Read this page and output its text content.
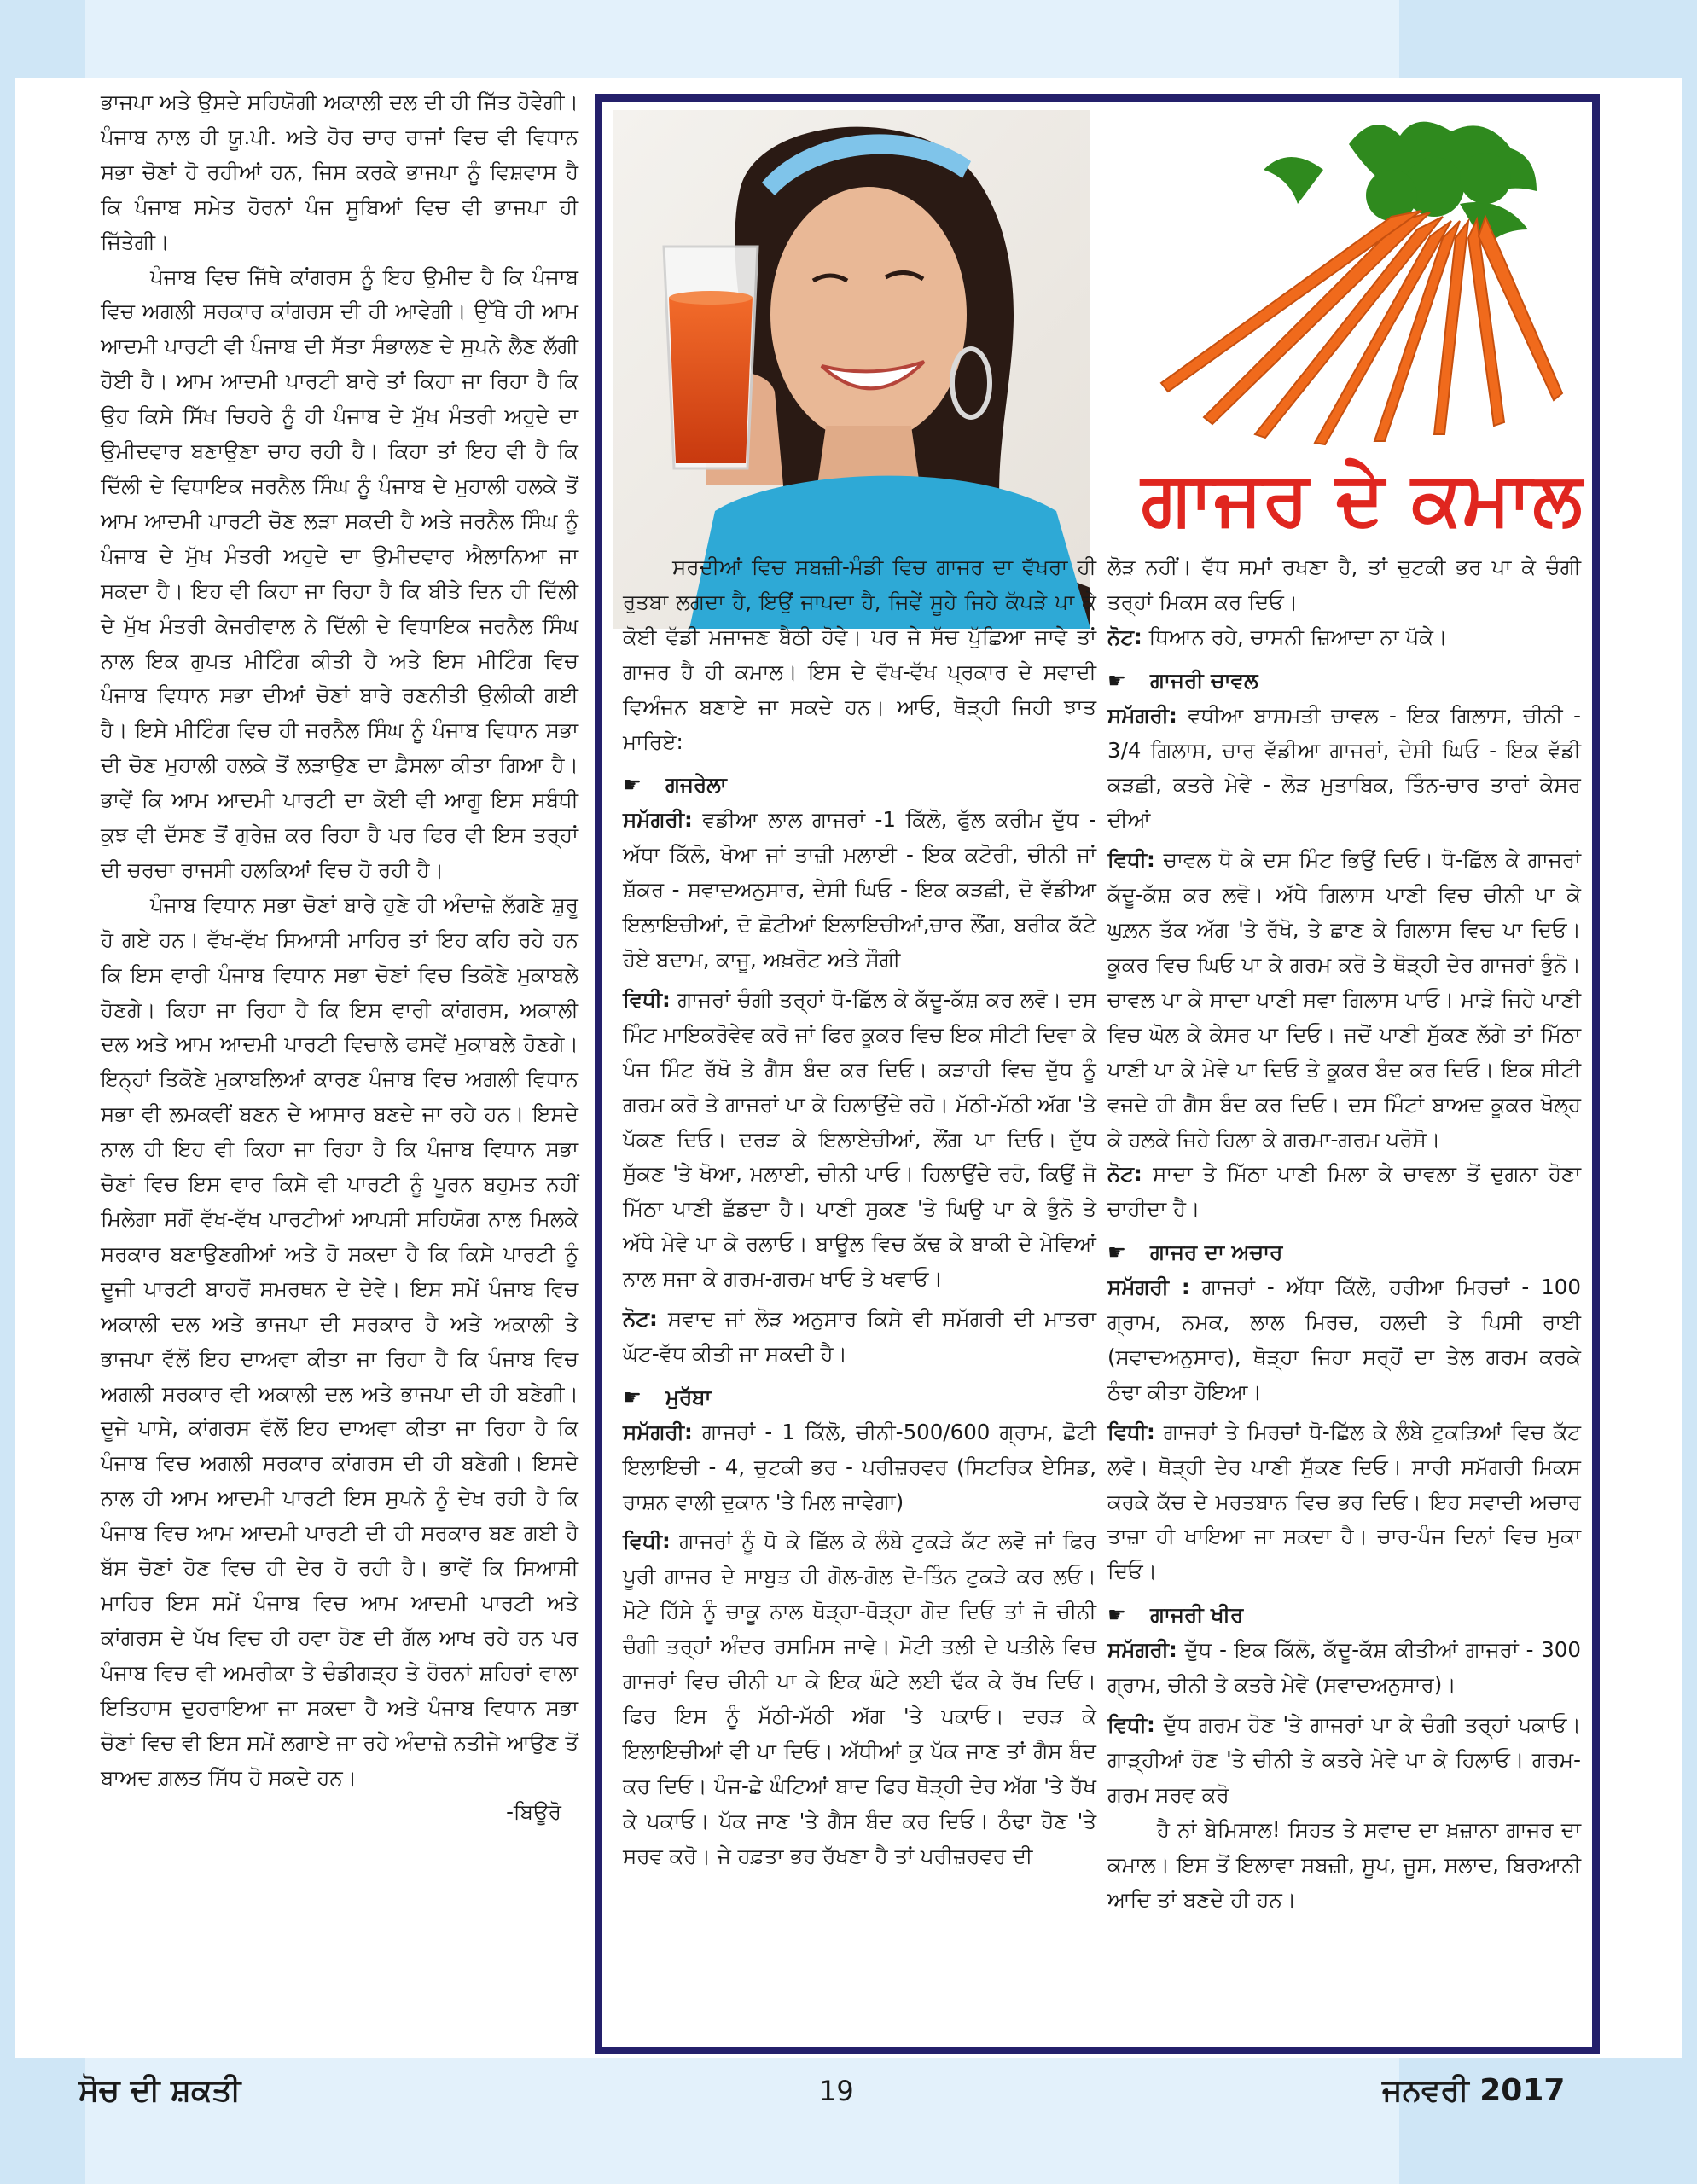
ਸੋਚ ਦੀ ਸ਼ਕਤੀ	19	ਜਨਵਰੀ 2017

ਭਾਜਪਾ ਅਤੇ ਉਸਦੇ ਸਹਿਯੋਗੀ ਅਕਾਲੀ ਦਲ ਦੀ ਹੀ ਜਿੱਤ ਹੋਵੇਗੀ। ਪੰਜਾਬ ਨਾਲ ਹੀ ਯੂ.ਪੀ. ਅਤੇ ਹੋਰ ਚਾਰ ਰਾਜਾਂ ਵਿਚ ਵੀ ਵਿਧਾਨ ਸਭਾ ਚੋਣਾਂ ਹੋ ਰਹੀਆਂ ਹਨ, ਜਿਸ ਕਰਕੇ ਭਾਜਪਾ ਨੂੰ ਵਿਸ਼ਵਾਸ ਹੈ ਕਿ ਪੰਜਾਬ ਸਮੇਤ ਹੋਰਨਾਂ ਪੰਜ ਸੂਬਿਆਂ ਵਿਚ ਵੀ ਭਾਜਪਾ ਹੀ ਜਿੱਤੇਗੀ।

ਪੰਜਾਬ ਵਿਚ ਜਿੱਥੇ ਕਾਂਗਰਸ ਨੂੰ ਇਹ ਉਮੀਦ ਹੈ ਕਿ ਪੰਜਾਬ ਵਿਚ ਅਗਲੀ ਸਰਕਾਰ ਕਾਂਗਰਸ ਦੀ ਹੀ ਆਵੇਗੀ। ਉੱਥੇ ਹੀ ਆਮ ਆਦਮੀ ਪਾਰਟੀ ਵੀ ਪੰਜਾਬ ਦੀ ਸੱਤਾ ਸੰਭਾਲਣ ਦੇ ਸੁਪਨੇ ਲੈਣ ਲੱਗੀ ਹੋਈ ਹੈ। ਆਮ ਆਦਮੀ ਪਾਰਟੀ ਬਾਰੇ ਤਾਂ ਕਿਹਾ ਜਾ ਰਿਹਾ ਹੈ ਕਿ ਉਹ ਕਿਸੇ ਸਿੱਖ ਚਿਹਰੇ ਨੂੰ ਹੀ ਪੰਜਾਬ ਦੇ ਮੁੱਖ ਮੰਤਰੀ ਅਹੁਦੇ ਦਾ ਉਮੀਦਵਾਰ ਬਣਾਉਣਾ ਚਾਹ ਰਹੀ ਹੈ। ਕਿਹਾ ਤਾਂ ਇਹ ਵੀ ਹੈ ਕਿ ਦਿੱਲੀ ਦੇ ਵਿਧਾਇਕ ਜਰਨੈਲ ਸਿੰਘ ਨੂੰ ਪੰਜਾਬ ਦੇ ਮੁਹਾਲੀ ਹਲਕੇ ਤੋਂ ਆਮ ਆਦਮੀ ਪਾਰਟੀ ਚੋਣ ਲੜਾ ਸਕਦੀ ਹੈ ਅਤੇ ਜਰਨੈਲ ਸਿੰਘ ਨੂੰ ਪੰਜਾਬ ਦੇ ਮੁੱਖ ਮੰਤਰੀ ਅਹੁਦੇ ਦਾ ਉਮੀਦਵਾਰ ਐਲਾਨਿਆ ਜਾ ਸਕਦਾ ਹੈ। ਇਹ ਵੀ ਕਿਹਾ ਜਾ ਰਿਹਾ ਹੈ ਕਿ ਬੀਤੇ ਦਿਨ ਹੀ ਦਿੱਲੀ ਦੇ ਮੁੱਖ ਮੰਤਰੀ ਕੇਜਰੀਵਾਲ ਨੇ ਦਿੱਲੀ ਦੇ ਵਿਧਾਇਕ ਜਰਨੈਲ ਸਿੰਘ ਨਾਲ ਇਕ ਗੁਪਤ ਮੀਟਿੰਗ ਕੀਤੀ ਹੈ ਅਤੇ ਇਸ ਮੀਟਿੰਗ ਵਿਚ ਪੰਜਾਬ ਵਿਧਾਨ ਸਭਾ ਦੀਆਂ ਚੋਣਾਂ ਬਾਰੇ ਰਣਨੀਤੀ ਉਲੀਕੀ ਗਈ ਹੈ। ਇਸੇ ਮੀਟਿੰਗ ਵਿਚ ਹੀ ਜਰਨੈਲ ਸਿੰਘ ਨੂੰ ਪੰਜਾਬ ਵਿਧਾਨ ਸਭਾ ਦੀ ਚੋਣ ਮੁਹਾਲੀ ਹਲਕੇ ਤੋਂ ਲੜਾਉਣ ਦਾ ਫ਼ੈਸਲਾ ਕੀਤਾ ਗਿਆ ਹੈ। ਭਾਵੇਂ ਕਿ ਆਮ ਆਦਮੀ ਪਾਰਟੀ ਦਾ ਕੋਈ ਵੀ ਆਗੂ ਇਸ ਸਬੰਧੀ ਕੁਝ ਵੀ ਦੱਸਣ ਤੋਂ ਗੁਰੇਜ਼ ਕਰ ਰਿਹਾ ਹੈ ਪਰ ਫਿਰ ਵੀ ਇਸ ਤਰ੍ਹਾਂ ਦੀ ਚਰਚਾ ਰਾਜਸੀ ਹਲਕਿਆਂ ਵਿਚ ਹੋ ਰਹੀ ਹੈ।

ਪੰਜਾਬ ਵਿਧਾਨ ਸਭਾ ਚੋਣਾਂ ਬਾਰੇ ਹੁਣੇ ਹੀ ਅੰਦਾਜ਼ੇ ਲੱਗਣੇ ਸ਼ੁਰੂ ਹੋ ਗਏ ਹਨ। ਵੱਖ-ਵੱਖ ਸਿਆਸੀ ਮਾਹਿਰ ਤਾਂ ਇਹ ਕਹਿ ਰਹੇ ਹਨ ਕਿ ਇਸ ਵਾਰੀ ਪੰਜਾਬ ਵਿਧਾਨ ਸਭਾ ਚੋਣਾਂ ਵਿਚ ਤਿਕੋਣੇ ਮੁਕਾਬਲੇ ਹੋਣਗੇ। ਕਿਹਾ ਜਾ ਰਿਹਾ ਹੈ ਕਿ ਇਸ ਵਾਰੀ ਕਾਂਗਰਸ, ਅਕਾਲੀ ਦਲ ਅਤੇ ਆਮ ਆਦਮੀ ਪਾਰਟੀ ਵਿਚਾਲੇ ਫਸਵੇਂ ਮੁਕਾਬਲੇ ਹੋਣਗੇ। ਇਨ੍ਹਾਂ ਤਿਕੋਣੇ ਮੁਕਾਬਲਿਆਂ ਕਾਰਣ ਪੰਜਾਬ ਵਿਚ ਅਗਲੀ ਵਿਧਾਨ ਸਭਾ ਵੀ ਲਮਕਵੀਂ ਬਣਨ ਦੇ ਆਸਾਰ ਬਣਦੇ ਜਾ ਰਹੇ ਹਨ। ਇਸਦੇ ਨਾਲ ਹੀ ਇਹ ਵੀ ਕਿਹਾ ਜਾ ਰਿਹਾ ਹੈ ਕਿ ਪੰਜਾਬ ਵਿਧਾਨ ਸਭਾ ਚੋਣਾਂ ਵਿਚ ਇਸ ਵਾਰ ਕਿਸੇ ਵੀ ਪਾਰਟੀ ਨੂੰ ਪੂਰਨ ਬਹੁਮਤ ਨਹੀਂ ਮਿਲੇਗਾ ਸਗੋਂ ਵੱਖ-ਵੱਖ ਪਾਰਟੀਆਂ ਆਪਸੀ ਸਹਿਯੋਗ ਨਾਲ ਮਿਲਕੇ ਸਰਕਾਰ ਬਣਾਉਣਗੀਆਂ ਅਤੇ ਹੋ ਸਕਦਾ ਹੈ ਕਿ ਕਿਸੇ ਪਾਰਟੀ ਨੂੰ ਦੂਜੀ ਪਾਰਟੀ ਬਾਹਰੋਂ ਸਮਰਥਨ ਦੇ ਦੇਵੇ। ਇਸ ਸਮੇਂ ਪੰਜਾਬ ਵਿਚ ਅਕਾਲੀ ਦਲ ਅਤੇ ਭਾਜਪਾ ਦੀ ਸਰਕਾਰ ਹੈ ਅਤੇ ਅਕਾਲੀ ਤੇ ਭਾਜਪਾ ਵੱਲੋਂ ਇਹ ਦਾਅਵਾ ਕੀਤਾ ਜਾ ਰਿਹਾ ਹੈ ਕਿ ਪੰਜਾਬ ਵਿਚ ਅਗਲੀ ਸਰਕਾਰ ਵੀ ਅਕਾਲੀ ਦਲ ਅਤੇ ਭਾਜਪਾ ਦੀ ਹੀ ਬਣੇਗੀ। ਦੂਜੇ ਪਾਸੇ, ਕਾਂਗਰਸ ਵੱਲੋਂ ਇਹ ਦਾਅਵਾ ਕੀਤਾ ਜਾ ਰਿਹਾ ਹੈ ਕਿ ਪੰਜਾਬ ਵਿਚ ਅਗਲੀ ਸਰਕਾਰ ਕਾਂਗਰਸ ਦੀ ਹੀ ਬਣੇਗੀ। ਇਸਦੇ ਨਾਲ ਹੀ ਆਮ ਆਦਮੀ ਪਾਰਟੀ ਇਸ ਸੁਪਨੇ ਨੂੰ ਦੇਖ ਰਹੀ ਹੈ ਕਿ ਪੰਜਾਬ ਵਿਚ ਆਮ ਆਦਮੀ ਪਾਰਟੀ ਦੀ ਹੀ ਸਰਕਾਰ ਬਣ ਗਈ ਹੈ ਬੱਸ ਚੋਣਾਂ ਹੋਣ ਵਿਚ ਹੀ ਦੇਰ ਹੋ ਰਹੀ ਹੈ। ਭਾਵੇਂ ਕਿ ਸਿਆਸੀ ਮਾਹਿਰ ਇਸ ਸਮੇਂ ਪੰਜਾਬ ਵਿਚ ਆਮ ਆਦਮੀ ਪਾਰਟੀ ਅਤੇ ਕਾਂਗਰਸ ਦੇ ਪੱਖ ਵਿਚ ਹੀ ਹਵਾ ਹੋਣ ਦੀ ਗੱਲ ਆਖ ਰਹੇ ਹਨ ਪਰ ਪੰਜਾਬ ਵਿਚ ਵੀ ਅਮਰੀਕਾ ਤੇ ਚੰਡੀਗੜ੍ਹ ਤੇ ਹੋਰਨਾਂ ਸ਼ਹਿਰਾਂ ਵਾਲਾ ਇਤਿਹਾਸ ਦੁਹਰਾਇਆ ਜਾ ਸਕਦਾ ਹੈ ਅਤੇ ਪੰਜਾਬ ਵਿਧਾਨ ਸਭਾ ਚੋਣਾਂ ਵਿਚ ਵੀ ਇਸ ਸਮੇਂ ਲਗਾਏ ਜਾ ਰਹੇ ਅੰਦਾਜ਼ੇ ਨਤੀਜੇ ਆਉਣ ਤੋਂ ਬਾਅਦ ਗ਼ਲਤ ਸਿੱਧ ਹੋ ਸਕਦੇ ਹਨ।

-ਬਿਊਰੋ

ਗਾਜਰ ਦੇ ਕਮਾਲ

ਸਰਦੀਆਂ ਵਿਚ ਸਬਜ਼ੀ-ਮੰਡੀ ਵਿਚ ਗਾਜਰ ਦਾ ਵੱਖਰਾ ਹੀ ਰੁਤਬਾ ਲਗਦਾ ਹੈ, ਇਉਂ ਜਾਪਦਾ ਹੈ, ਜਿਵੇਂ ਸੂਹੇ ਜਿਹੇ ਕੱਪੜੇ ਪਾ ਕੇ ਕੋਈ ਵੱਡੀ ਮਜਾਜਣ ਬੈਠੀ ਹੋਵੇ। ਪਰ ਜੇ ਸੱਚ ਪੁੱਛਿਆ ਜਾਵੇ ਤਾਂ ਗਾਜਰ ਹੈ ਹੀ ਕਮਾਲ। ਇਸ ਦੇ ਵੱਖ-ਵੱਖ ਪ੍ਰਕਾਰ ਦੇ ਸਵਾਦੀ ਵਿਅੰਜਨ ਬਣਾਏ ਜਾ ਸਕਦੇ ਹਨ। ਆਓ, ਥੋੜ੍ਹੀ ਜਿਹੀ ਝਾਤ ਮਾਰਿਏ:

☛ ਗਜਰੇਲਾ

ਸਮੱਗਰੀ: ਵਡੀਆ ਲਾਲ ਗਾਜਰਾਂ -1 ਕਿੱਲੋ, ਫੁੱਲ ਕਰੀਮ ਦੁੱਧ - ਅੱਧਾ ਕਿੱਲੋ, ਖੋਆ ਜਾਂ ਤਾਜ਼ੀ ਮਲਾਈ - ਇਕ ਕਟੋਰੀ, ਚੀਨੀ ਜਾਂ ਸ਼ੱਕਰ - ਸਵਾਦਅਨੁਸਾਰ, ਦੇਸੀ ਘਿਓ - ਇਕ ਕੜਛੀ, ਦੋ ਵੱਡੀਆ ਇਲਾਇਚੀਆਂ, ਦੋ ਛੋਟੀਆਂ ਇਲਾਇਚੀਆਂ,ਚਾਰ ਲੌਂਗ, ਬਰੀਕ ਕੱਟੇ ਹੋਏ ਬਦਾਮ, ਕਾਜੂ, ਅਖ਼ਰੋਟ ਅਤੇ ਸੌਗੀ

ਵਿਧੀ: ਗਾਜਰਾਂ ਚੰਗੀ ਤਰ੍ਹਾਂ ਧੋ-ਛਿੱਲ ਕੇ ਕੱਦੂ-ਕੱਸ਼ ਕਰ ਲਵੋ। ਦਸ ਮਿੰਟ ਮਾਇਕਰੋਵੇਵ ਕਰੋ ਜਾਂ ਫਿਰ ਕੂਕਰ ਵਿਚ ਇਕ ਸੀਟੀ ਦਿਵਾ ਕੇ ਪੰਜ ਮਿੰਟ ਰੱਖੋ ਤੇ ਗੈਸ ਬੰਦ ਕਰ ਦਿਓ। ਕੜਾਹੀ ਵਿਚ ਦੁੱਧ ਨੂੰ ਗਰਮ ਕਰੋ ਤੇ ਗਾਜਰਾਂ ਪਾ ਕੇ ਹਿਲਾਉਂਦੇ ਰਹੋ। ਮੱਠੀ-ਮੱਠੀ ਅੱਗ 'ਤੇ ਪੱਕਣ ਦਿਓ। ਦਰੜ ਕੇ ਇਲਾਏਚੀਆਂ, ਲੌਂਗ ਪਾ ਦਿਓ। ਦੁੱਧ ਸੁੱਕਣ 'ਤੇ ਖੋਆ, ਮਲਾਈ, ਚੀਨੀ ਪਾਓ। ਹਿਲਾਉਂਦੇ ਰਹੋ, ਕਿਉਂ ਜੋ ਮਿੱਠਾ ਪਾਣੀ ਛੱਡਦਾ ਹੈ। ਪਾਣੀ ਸੁਕਣ 'ਤੇ ਘਿਉ ਪਾ ਕੇ ਭੁੰਨੋ ਤੇ ਅੱਧੇ ਮੇਵੇ ਪਾ ਕੇ ਰਲਾਓ। ਬਾਊਲ ਵਿਚ ਕੱਢ ਕੇ ਬਾਕੀ ਦੇ ਮੇਵਿਆਂ ਨਾਲ ਸਜਾ ਕੇ ਗਰਮ-ਗਰਮ ਖਾਓ ਤੇ ਖਵਾਓ।

ਨੋਟ: ਸਵਾਦ ਜਾਂ ਲੋੜ ਅਨੁਸਾਰ ਕਿਸੇ ਵੀ ਸਮੱਗਰੀ ਦੀ ਮਾਤਰਾ ਘੱਟ-ਵੱਧ ਕੀਤੀ ਜਾ ਸਕਦੀ ਹੈ।

☛ ਮੁਰੱਬਾ

ਸਮੱਗਰੀ: ਗਾਜਰਾਂ - 1 ਕਿੱਲੋ, ਚੀਨੀ-500/600 ਗ੍ਰਾਮ, ਛੋਟੀ ਇਲਾਇਚੀ - 4, ਚੁਟਕੀ ਭਰ - ਪਰੀਜ਼ਰਵਰ (ਸਿਟਰਿਕ ਏਸਿਡ, ਰਾਸ਼ਨ ਵਾਲੀ ਦੁਕਾਨ 'ਤੇ ਮਿਲ ਜਾਵੇਗਾ)

ਵਿਧੀ: ਗਾਜਰਾਂ ਨੂੰ ਧੋ ਕੇ ਛਿੱਲ ਕੇ ਲੰਬੇ ਟੁਕੜੇ ਕੱਟ ਲਵੋ ਜਾਂ ਫਿਰ ਪੂਰੀ ਗਾਜਰ ਦੇ ਸਾਬੁਤ ਹੀ ਗੋਲ-ਗੋਲ ਦੋ-ਤਿੰਨ ਟੁਕੜੇ ਕਰ ਲਓ। ਮੋਟੇ ਹਿੱਸੇ ਨੂੰ ਚਾਕੂ ਨਾਲ ਥੋੜ੍ਹਾ-ਥੋੜ੍ਹਾ ਗੋਦ ਦਿਓ ਤਾਂ ਜੋ ਚੀਨੀ ਚੰਗੀ ਤਰ੍ਹਾਂ ਅੰਦਰ ਰਸਮਿਸ ਜਾਵੇ। ਮੋਟੀ ਤਲੀ ਦੇ ਪਤੀਲੇ ਵਿਚ ਗਾਜਰਾਂ ਵਿਚ ਚੀਨੀ ਪਾ ਕੇ ਇਕ ਘੰਟੇ ਲਈ ਢੱਕ ਕੇ ਰੱਖ ਦਿਓ। ਫਿਰ ਇਸ ਨੂੰ ਮੱਠੀ-ਮੱਠੀ ਅੱਗ 'ਤੇ ਪਕਾਓ। ਦਰੜ ਕੇ ਇਲਾਇਚੀਆਂ ਵੀ ਪਾ ਦਿਓ। ਅੱਧੀਆਂ ਕੁ ਪੱਕ ਜਾਣ ਤਾਂ ਗੈਸ ਬੰਦ ਕਰ ਦਿਓ। ਪੰਜ-ਛੇ ਘੰਟਿਆਂ ਬਾਦ ਫਿਰ ਥੋੜ੍ਹੀ ਦੇਰ ਅੱਗ 'ਤੇ ਰੱਖ ਕੇ ਪਕਾਓ। ਪੱਕ ਜਾਣ 'ਤੇ ਗੈਸ ਬੰਦ ਕਰ ਦਿਓ। ਠੰਢਾ ਹੋਣ 'ਤੇ ਸਰਵ ਕਰੋ। ਜੇ ਹਫ਼ਤਾ ਭਰ ਰੱਖਣਾ ਹੈ ਤਾਂ ਪਰੀਜ਼ਰਵਰ ਦੀ

ਲੋੜ ਨਹੀਂ। ਵੱਧ ਸਮਾਂ ਰਖਣਾ ਹੈ, ਤਾਂ ਚੁਟਕੀ ਭਰ ਪਾ ਕੇ ਚੰਗੀ ਤਰ੍ਹਾਂ ਮਿਕਸ ਕਰ ਦਿਓ।

ਨੋਟ: ਧਿਆਨ ਰਹੇ, ਚਾਸਨੀ ਜ਼ਿਆਦਾ ਨਾ ਪੱਕੇ।

☛ ਗਾਜਰੀ ਚਾਵਲ

ਸਮੱਗਰੀ: ਵਧੀਆ ਬਾਸਮਤੀ ਚਾਵਲ - ਇਕ ਗਿਲਾਸ, ਚੀਨੀ - 3/4 ਗਿਲਾਸ, ਚਾਰ ਵੱਡੀਆ ਗਾਜਰਾਂ, ਦੇਸੀ ਘਿਓ - ਇਕ ਵੱਡੀ ਕੜਛੀ, ਕਤਰੇ ਮੇਵੇ - ਲੋੜ ਮੁਤਾਬਿਕ, ਤਿੰਨ-ਚਾਰ ਤਾਰਾਂ ਕੇਸਰ ਦੀਆਂ

ਵਿਧੀ: ਚਾਵਲ ਧੋ ਕੇ ਦਸ ਮਿੰਟ ਭਿਉਂ ਦਿਓ। ਧੋ-ਛਿੱਲ ਕੇ ਗਾਜਰਾਂ ਕੱਦੂ-ਕੱਸ਼ ਕਰ ਲਵੋ। ਅੱਧੇ ਗਿਲਾਸ ਪਾਣੀ ਵਿਚ ਚੀਨੀ ਪਾ ਕੇ ਘੁਲ਼ਨ ਤੱਕ ਅੱਗ 'ਤੇ ਰੱਖੋ, ਤੇ ਛਾਣ ਕੇ ਗਿਲਾਸ ਵਿਚ ਪਾ ਦਿਓ। ਕੂਕਰ ਵਿਚ ਘਿਓ ਪਾ ਕੇ ਗਰਮ ਕਰੋ ਤੇ ਥੋੜ੍ਹੀ ਦੇਰ ਗਾਜਰਾਂ ਭੁੰਨੋ। ਚਾਵਲ ਪਾ ਕੇ ਸਾਦਾ ਪਾਣੀ ਸਵਾ ਗਿਲਾਸ ਪਾਓ। ਮਾੜੇ ਜਿਹੇ ਪਾਣੀ ਵਿਚ ਘੋਲ ਕੇ ਕੇਸਰ ਪਾ ਦਿਓ। ਜਦੋਂ ਪਾਣੀ ਸੁੱਕਣ ਲੱਗੇ ਤਾਂ ਮਿੱਠਾ ਪਾਣੀ ਪਾ ਕੇ ਮੇਵੇ ਪਾ ਦਿਓ ਤੇ ਕੂਕਰ ਬੰਦ ਕਰ ਦਿਓ। ਇਕ ਸੀਟੀ ਵਜਦੇ ਹੀ ਗੈਸ ਬੰਦ ਕਰ ਦਿਓ। ਦਸ ਮਿੰਟਾਂ ਬਾਅਦ ਕੂਕਰ ਖੋਲ੍ਹ ਕੇ ਹਲਕੇ ਜਿਹੇ ਹਿਲਾ ਕੇ ਗਰਮਾ-ਗਰਮ ਪਰੋਸੋ।

ਨੋਟ: ਸਾਦਾ ਤੇ ਮਿੱਠਾ ਪਾਣੀ ਮਿਲਾ ਕੇ ਚਾਵਲਾ ਤੋਂ ਦੁਗਨਾ ਹੋਣਾ ਚਾਹੀਦਾ ਹੈ।

☛ ਗਾਜਰ ਦਾ ਅਚਾਰ

ਸਮੱਗਰੀ : ਗਾਜਰਾਂ - ਅੱਧਾ ਕਿੱਲੋ, ਹਰੀਆ ਮਿਰਚਾਂ - 100 ਗ੍ਰਾਮ, ਨਮਕ, ਲਾਲ ਮਿਰਚ, ਹਲਦੀ ਤੇ ਪਿਸੀ ਰਾਈ (ਸਵਾਦਅਨੁਸਾਰ), ਥੋੜ੍ਹਾ ਜਿਹਾ ਸਰ੍ਹੋਂ ਦਾ ਤੇਲ ਗਰਮ ਕਰਕੇ ਠੰਢਾ ਕੀਤਾ ਹੋਇਆ।

ਵਿਧੀ: ਗਾਜਰਾਂ ਤੇ ਮਿਰਚਾਂ ਧੋ-ਛਿੱਲ ਕੇ ਲੰਬੇ ਟੁਕੜਿਆਂ ਵਿਚ ਕੱਟ ਲਵੋ। ਥੋੜ੍ਹੀ ਦੇਰ ਪਾਣੀ ਸੁੱਕਣ ਦਿਓ। ਸਾਰੀ ਸਮੱਗਰੀ ਮਿਕਸ ਕਰਕੇ ਕੱਚ ਦੇ ਮਰਤਬਾਨ ਵਿਚ ਭਰ ਦਿਓ। ਇਹ ਸਵਾਦੀ ਅਚਾਰ ਤਾਜ਼ਾ ਹੀ ਖਾਇਆ ਜਾ ਸਕਦਾ ਹੈ। ਚਾਰ-ਪੰਜ ਦਿਨਾਂ ਵਿਚ ਮੁਕਾ ਦਿਓ।

☛ ਗਾਜਰੀ ਖੀਰ

ਸਮੱਗਰੀ: ਦੁੱਧ - ਇਕ ਕਿੱਲੋ, ਕੱਦੂ-ਕੱਸ਼ ਕੀਤੀਆਂ ਗਾਜਰਾਂ - 300 ਗ੍ਰਾਮ, ਚੀਨੀ ਤੇ ਕਤਰੇ ਮੇਵੇ (ਸਵਾਦਅਨੁਸਾਰ)।

ਵਿਧੀ: ਦੁੱਧ ਗਰਮ ਹੋਣ 'ਤੇ ਗਾਜਰਾਂ ਪਾ ਕੇ ਚੰਗੀ ਤਰ੍ਹਾਂ ਪਕਾਓ। ਗਾੜ੍ਹੀਆਂ ਹੋਣ 'ਤੇ ਚੀਨੀ ਤੇ ਕਤਰੇ ਮੇਵੇ ਪਾ ਕੇ ਹਿਲਾਓ। ਗਰਮ-ਗਰਮ ਸਰਵ ਕਰੋ

ਹੈ ਨਾਂ ਬੇਮਿਸਾਲ! ਸਿਹਤ ਤੇ ਸਵਾਦ ਦਾ ਖ਼ਜ਼ਾਨਾ ਗਾਜਰ ਦਾ ਕਮਾਲ। ਇਸ ਤੋਂ ਇਲਾਵਾ ਸਬਜ਼ੀ, ਸੂਪ, ਜੂਸ, ਸਲਾਦ, ਬਿਰਆਨੀ ਆਦਿ ਤਾਂ ਬਣਦੇ ਹੀ ਹਨ।
